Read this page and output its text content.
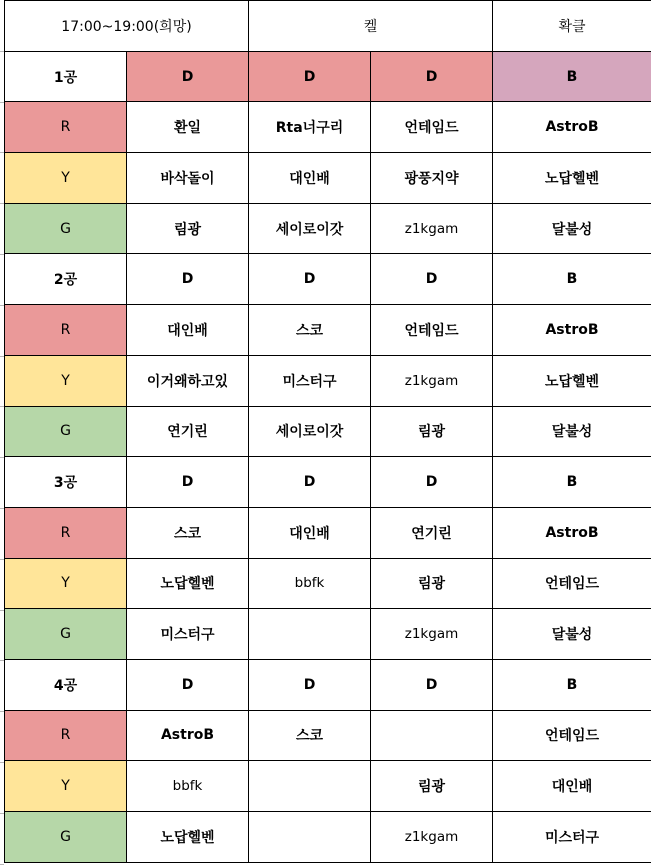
17:00~19:00(희망)		켈		확클
1공	D	D	D	B
R	환일	Rta너구리	언테임드	AstroB
Y	바삭돌이	대인배	팡풍지약	노답헬벤
G	림광	세이로이갓	z1kgam	달불성
2공	D	D	D	B
R	대인배	스코	언테임드	AstroB
Y	이거왜하고있	미스터구	z1kgam	노답헬벤
G	연기린	세이로이갓	림광	달불성
3공	D	D	D	B
R	스코	대인배	연기린	AstroB
Y	노답헬벤	bbfk	림광	언테임드
G	미스터구		z1kgam	달불성
4공	D	D	D	B
R	AstroB	스코		언테임드
Y	bbfk		림광	대인배
G	노답헬벤		z1kgam	미스터구
